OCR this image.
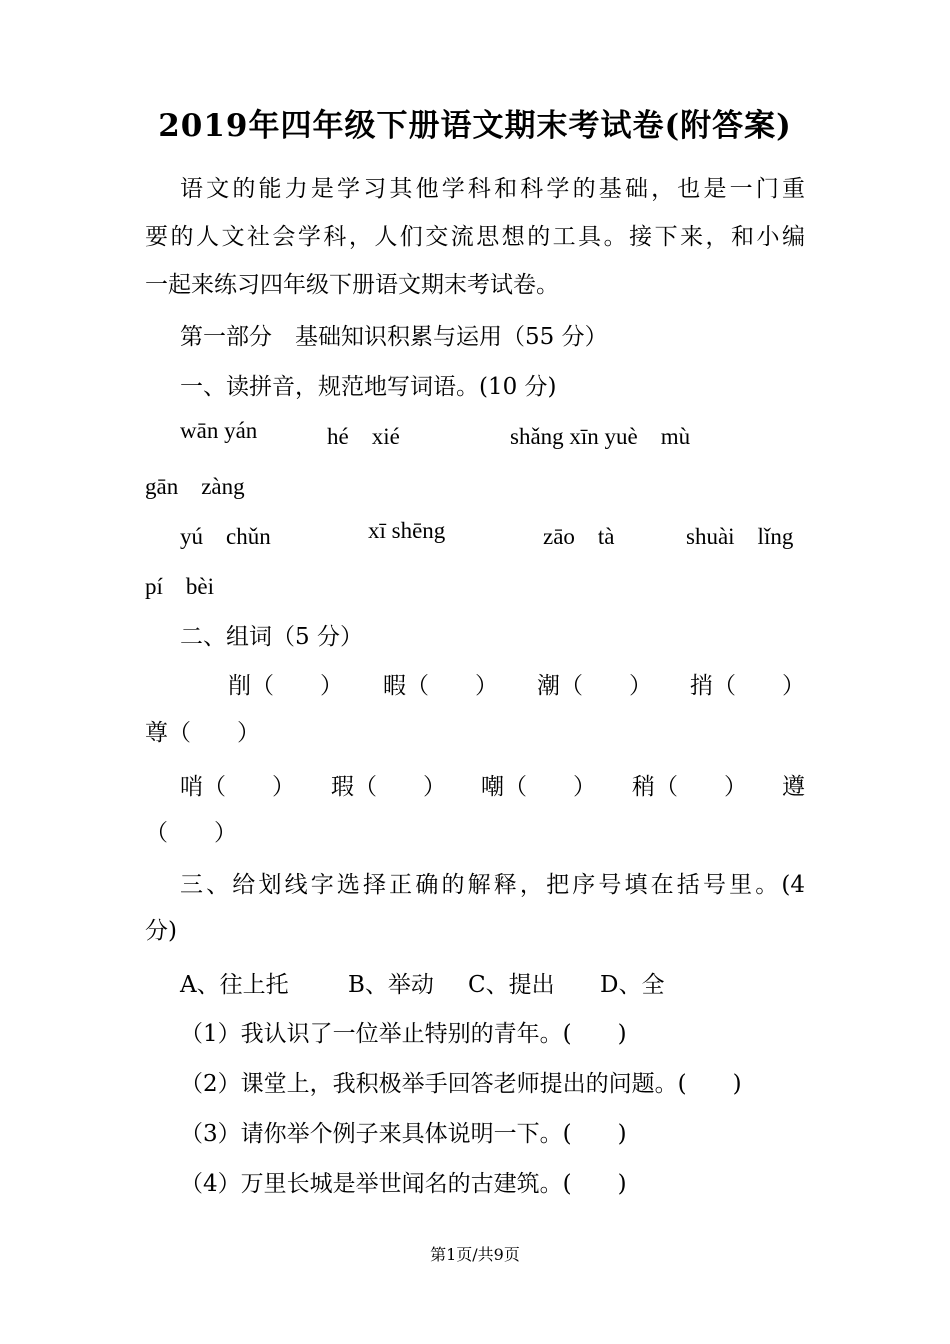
2019年四年级下册语文期末考试卷(附答案)
语文的能力是学习其他学科和科学的基础，也是一门重
要的人文社会学科，人们交流思想的工具。接下来，和小编
一起来练习四年级下册语文期末考试卷。
第一部分　基础知识积累与运用（55 分）
一、读拼音，规范地写词语。(10 分)
wān yán	hé　xié	shǎng xīn yuè　mù
gān　zàng
yú　chǔn	xī shēng	zāo　tà	shuài　lǐng
pí　bèi
二、组词（5 分）
削（　　） 暇（　　） 潮（　　） 捎（　　）
尊（　　）
哨（　　） 瑕（　　） 嘲（　　） 稍（　　） 遵
（　　）
三、给划线字选择正确的解释，把序号填在括号里。(4
分)
A、往上托	B、举动 C、提出 D、全
（1）我认识了一位举止特别的青年。(　　)
（2）课堂上，我积极举手回答老师提出的问题。(　　)
（3）请你举个例子来具体说明一下。(　　)
（4）万里长城是举世闻名的古建筑。(　　)
第1页/共9页
